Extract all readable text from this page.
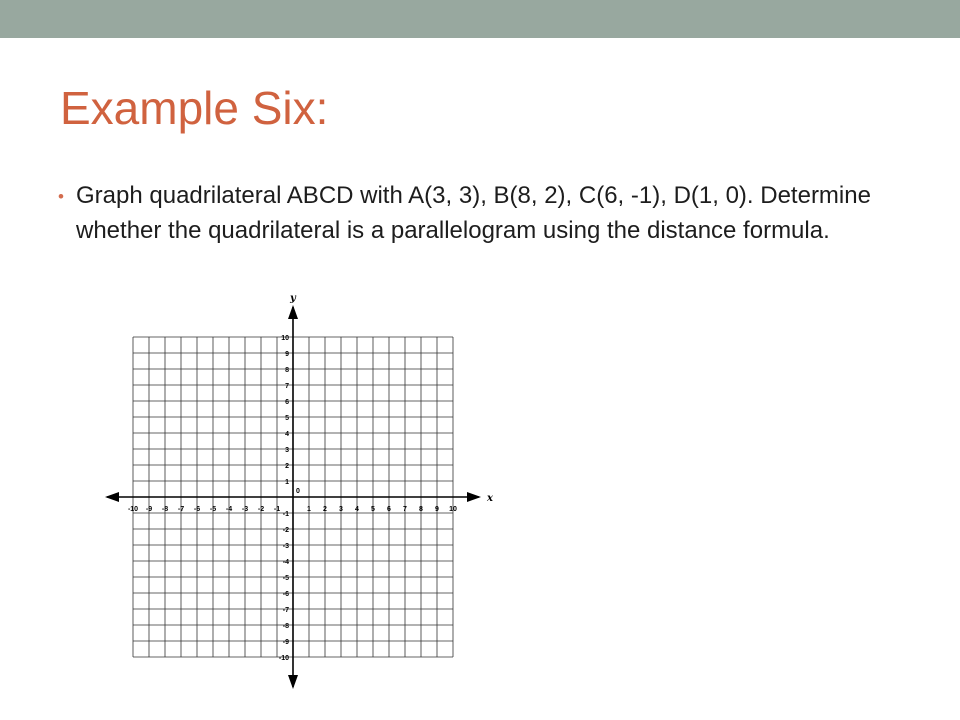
Example Six:
• Graph quadrilateral ABCD with A(3, 3), B(8, 2), C(6, -1), D(1, 0). Determine whether the quadrilateral is a parallelogram using the distance formula.
x
y
0
-10 -9 -8 -7 -6 -5 -4 -3 -2 -1	1 2 3 4 5 6 7 8 9 10
10
9
8
7
6
5
4
3
2
1
-1
-2
-3
-4
-5
-6
-7
-8
-9
-10
